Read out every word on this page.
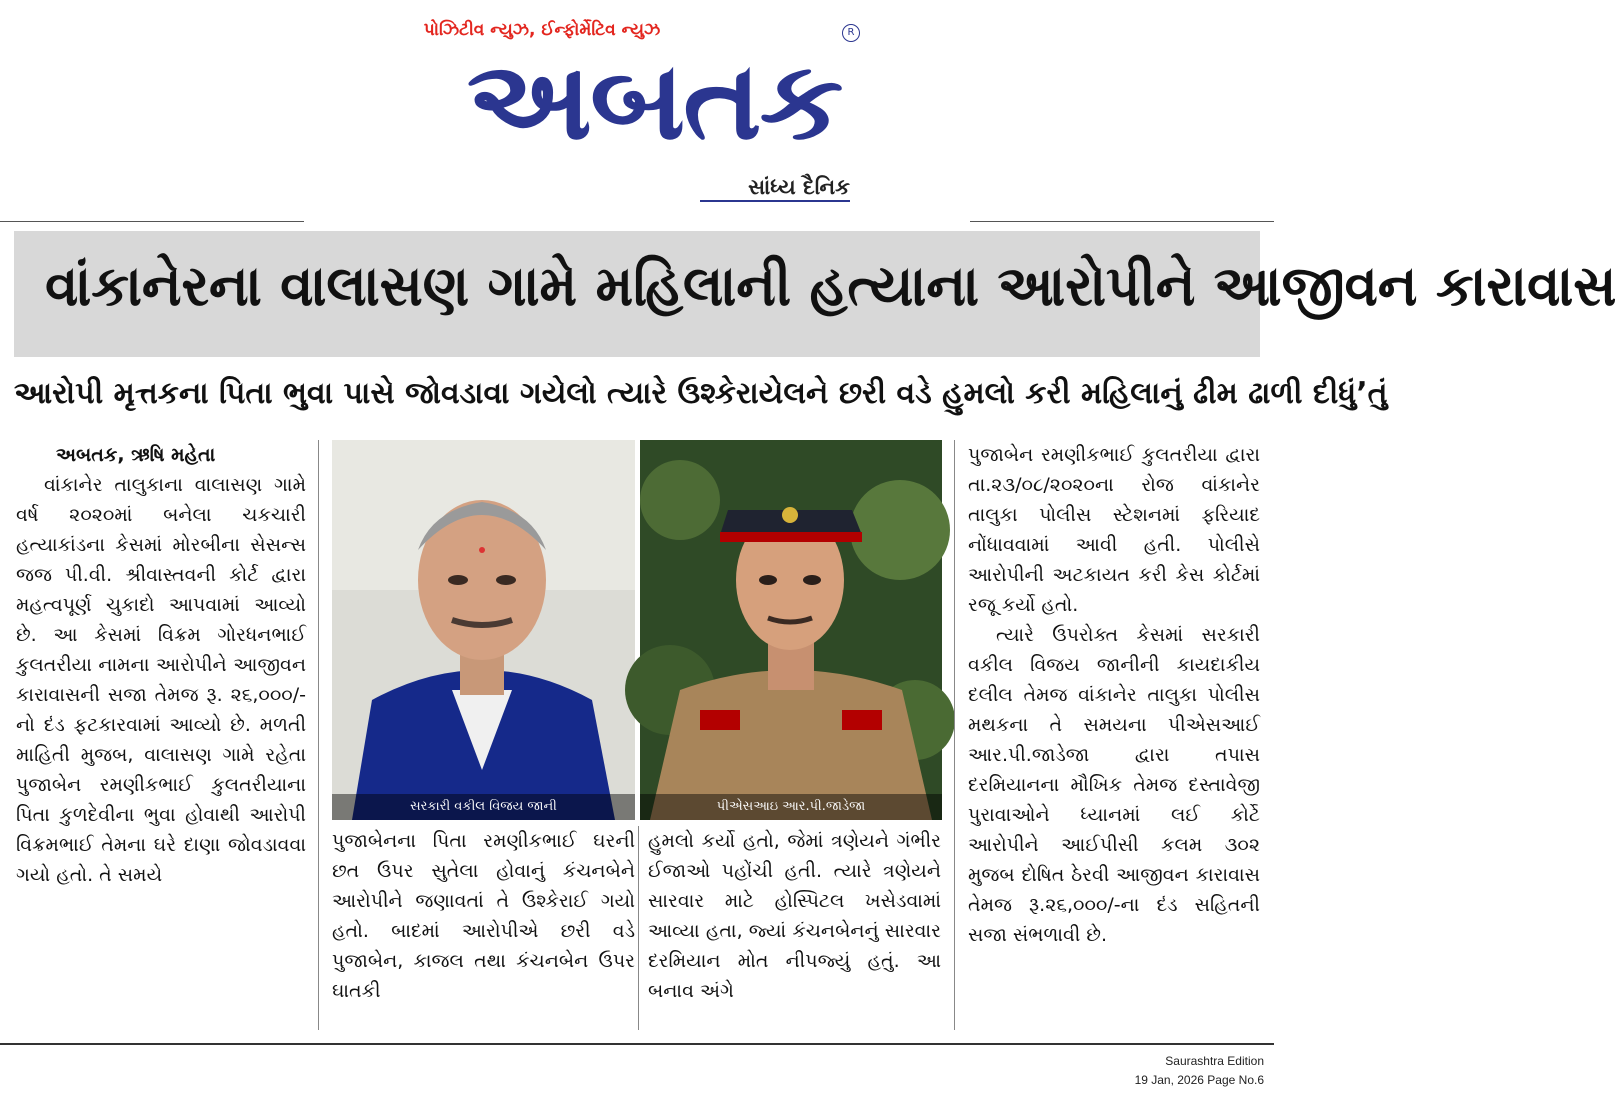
પોઝિટીવ ન્યુઝ, ઈન્ફોર્મેટિવ ન્યુઝ
અબતક
R
સાંધ્ય દૈનિક
વાંકાનેરના વાલાસણ ગામે મહિલાની હત્યાના આરોપીને આજીવન કારાવાસ
આરોપી મૃત્તકના પિતા ભુવા પાસે જોવડાવા ગયેલો ત્યારે ઉશ્કેરાયેલને છરી વડે હુમલો કરી મહિલાનું ઢીમ ઢાળી દીધું’તું
અબતક, ઋષિ મહેતા
વાંકાનેર તાલુકાના વાલાસણ ગામે વર્ષ ૨૦૨૦માં બનેલા ચકચારી હત્યાકાંડના કેસમાં મોરબીના સેસન્સ જજ પી.વી. શ્રીવાસ્તવની કોર્ટ દ્વારા મહત્વપૂર્ણ ચુકાદો આપવામાં આવ્યો છે. આ કેસમાં વિક્રમ ગોરધનભાઈ કુલતરીયા નામના આરોપીને આજીવન કારાવાસની સજા તેમજ રૂ. ૨૬,૦૦૦/- નો દંડ ફટકારવામાં આવ્યો છે. મળતી માહિતી મુજબ, વાલાસણ ગામે રહેતા પુજાબેન રમણીકભાઈ કુલતરીયાના પિતા કુળદેવીના ભુવા હોવાથી આરોપી વિક્રમભાઈ તેમના ઘરે દાણા જોવડાવવા ગયો હતો. તે સમયે
સરકારી વકીલ વિજય જાની	પીએસઆઇ આર.પી.જાડેજા
પુજાબેનના પિતા રમણીકભાઈ ઘરની છત ઉપર સુતેલા હોવાનું કંચનબેને આરોપીને જણાવતાં તે ઉશ્કેરાઈ ગયો હતો. બાદમાં આરોપીએ છરી વડે પુજાબેન, કાજલ તથા કંચનબેન ઉપર ઘાતકી
હુમલો કર્યો હતો, જેમાં ત્રણેયને ગંભીર ઈજાઓ પહોંચી હતી. ત્યારે ત્રણેયને સારવાર માટે હોસ્પિટલ ખસેડવામાં આવ્યા હતા, જ્યાં કંચનબેનનું સારવાર દરમિયાન મોત નીપજ્યું હતું. આ બનાવ અંગે
પુજાબેન રમણીકભાઈ કુલતરીયા દ્વારા તા.૨૩/૦૮/૨૦૨૦ના રોજ વાંકાનેર તાલુકા પોલીસ સ્ટેશનમાં ફરિયાદ નોંધાવવામાં આવી હતી. પોલીસે આરોપીની અટકાયત કરી કેસ કોર્ટમાં રજૂ કર્યો હતો.
ત્યારે ઉપરોક્ત કેસમાં સરકારી વકીલ વિજય જાનીની કાયદાકીય દલીલ તેમજ વાંકાનેર તાલુકા પોલીસ મથકના તે સમયના પીએસઆઈ આર.પી.જાડેજા દ્વારા તપાસ દરમિયાનના મૌખિક તેમજ દસ્તાવેજી પુરાવાઓને ધ્યાનમાં લઈ કોર્ટે આરોપીને આઈપીસી કલમ ૩૦૨ મુજબ દોષિત ઠેરવી આજીવન કારાવાસ તેમજ રૂ.૨૬,૦૦૦/-ના દંડ સહિતની સજા સંભળાવી છે.
Saurashtra Edition
19 Jan, 2026 Page No.6
